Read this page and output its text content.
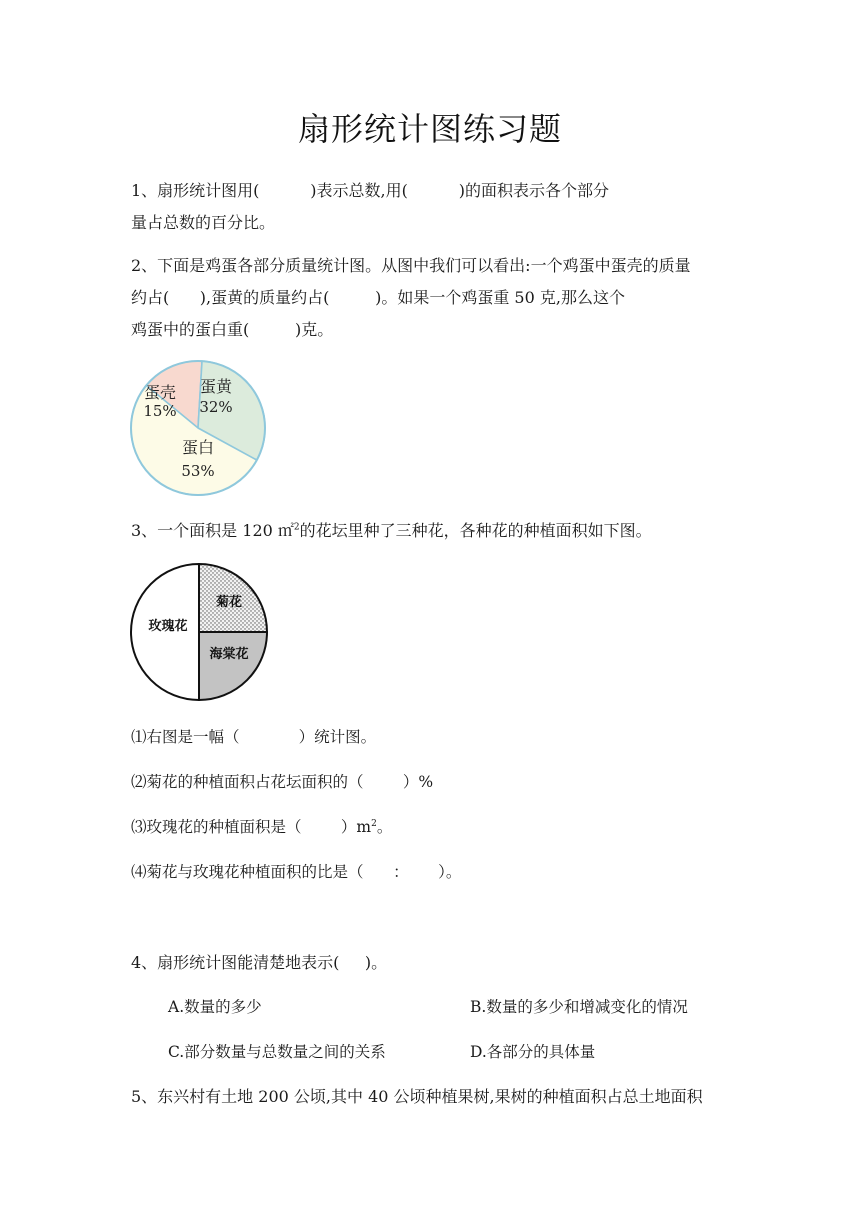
扇形统计图练习题
1、扇形统计图用(          )表示总数,用(          )的面积表示各个部分
量占总数的百分比。
2、下面是鸡蛋各部分质量统计图。从图中我们可以看出:一个鸡蛋中蛋壳的质量
约占(      ),蛋黄的质量约占(         )。如果一个鸡蛋重 50 克,那么这个
鸡蛋中的蛋白重(         )克。
蛋壳
15%
蛋黄
32%
蛋白
53%
3、一个面积是 120 ㎡$^2$的花坛里种了三种花，各种花的种植面积如下图。
菊花
海棠花
玫瑰花
⑴右图是一幅（            ）统计图。
⑵菊花的种植面积占花坛面积的（        ）%
⑶玫瑰花的种植面积是（        ）$m^2$。
⑷菊花与玫瑰花种植面积的比是（      ：      ）。
4、扇形统计图能清楚地表示(     )。
A.数量的多少	B.数量的多少和增减变化的情况
C.部分数量与总数量之间的关系	D.各部分的具体量
5、东兴村有土地 200 公顷,其中 40 公顷种植果树,果树的种植面积占总土地面积
